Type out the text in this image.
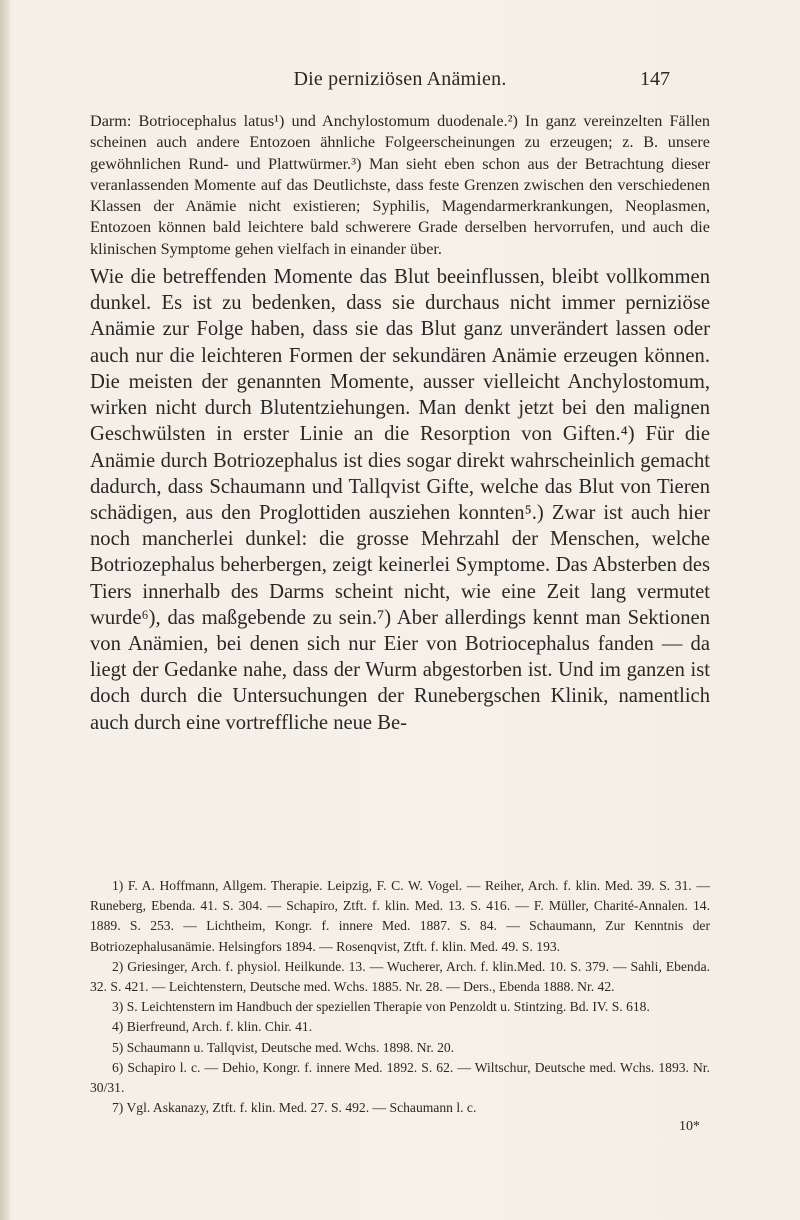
Die perniziösen Anämien.	147

Darm: Botriocephalus latus¹) und Anchylostomum duodenale.²) In ganz vereinzelten Fällen scheinen auch andere Entozoen ähnliche Folgeerscheinungen zu erzeugen; z. B. unsere gewöhnlichen Rund- und Plattwürmer.³) Man sieht eben schon aus der Betrachtung dieser veranlassenden Momente auf das Deutlichste, dass feste Grenzen zwischen den verschiedenen Klassen der Anämie nicht existieren; Syphilis, Magendarmerkrankungen, Neoplasmen, Entozoen können bald leichtere bald schwerere Grade derselben hervorrufen, und auch die klinischen Symptome gehen vielfach in einander über.

Wie die betreffenden Momente das Blut beeinflussen, bleibt vollkommen dunkel. Es ist zu bedenken, dass sie durchaus nicht immer perniziöse Anämie zur Folge haben, dass sie das Blut ganz unverändert lassen oder auch nur die leichteren Formen der sekundären Anämie erzeugen können. Die meisten der genannten Momente, ausser vielleicht Anchylostomum, wirken nicht durch Blutentziehungen. Man denkt jetzt bei den malignen Geschwülsten in erster Linie an die Resorption von Giften.⁴) Für die Anämie durch Botriozephalus ist dies sogar direkt wahrscheinlich gemacht dadurch, dass Schaumann und Tallqvist Gifte, welche das Blut von Tieren schädigen, aus den Proglottiden ausziehen konnten⁵.) Zwar ist auch hier noch mancherlei dunkel: die grosse Mehrzahl der Menschen, welche Botriozephalus beherbergen, zeigt keinerlei Symptome. Das Absterben des Tiers innerhalb des Darms scheint nicht, wie eine Zeit lang vermutet wurde⁶), das maßgebende zu sein.⁷) Aber allerdings kennt man Sektionen von Anämien, bei denen sich nur Eier von Botriocephalus fanden — da liegt der Gedanke nahe, dass der Wurm abgestorben ist. Und im ganzen ist doch durch die Untersuchungen der Runebergschen Klinik, namentlich auch durch eine vortreffliche neue Be-

1) F. A. Hoffmann, Allgem. Therapie. Leipzig, F. C. W. Vogel. — Reiher, Arch. f. klin. Med. 39. S. 31. — Runeberg, Ebenda. 41. S. 304. — Schapiro, Ztft. f. klin. Med. 13. S. 416. — F. Müller, Charité-Annalen. 14. 1889. S. 253. — Lichtheim, Kongr. f. innere Med. 1887. S. 84. — Schaumann, Zur Kenntnis der Botriozephalusanämie. Helsingfors 1894. — Rosenqvist, Ztft. f. klin. Med. 49. S. 193.

2) Griesinger, Arch. f. physiol. Heilkunde. 13. — Wucherer, Arch. f. klin.Med. 10. S. 379. — Sahli, Ebenda. 32. S. 421. — Leichtenstern, Deutsche med. Wchs. 1885. Nr. 28. — Ders., Ebenda 1888. Nr. 42.

3) S. Leichtenstern im Handbuch der speziellen Therapie von Penzoldt u. Stintzing. Bd. IV. S. 618.

4) Bierfreund, Arch. f. klin. Chir. 41.

5) Schaumann u. Tallqvist, Deutsche med. Wchs. 1898. Nr. 20.

6) Schapiro l. c. — Dehio, Kongr. f. innere Med. 1892. S. 62. — Wiltschur, Deutsche med. Wchs. 1893. Nr. 30/31.

7) Vgl. Askanazy, Ztft. f. klin. Med. 27. S. 492. — Schaumann l. c.

10*
